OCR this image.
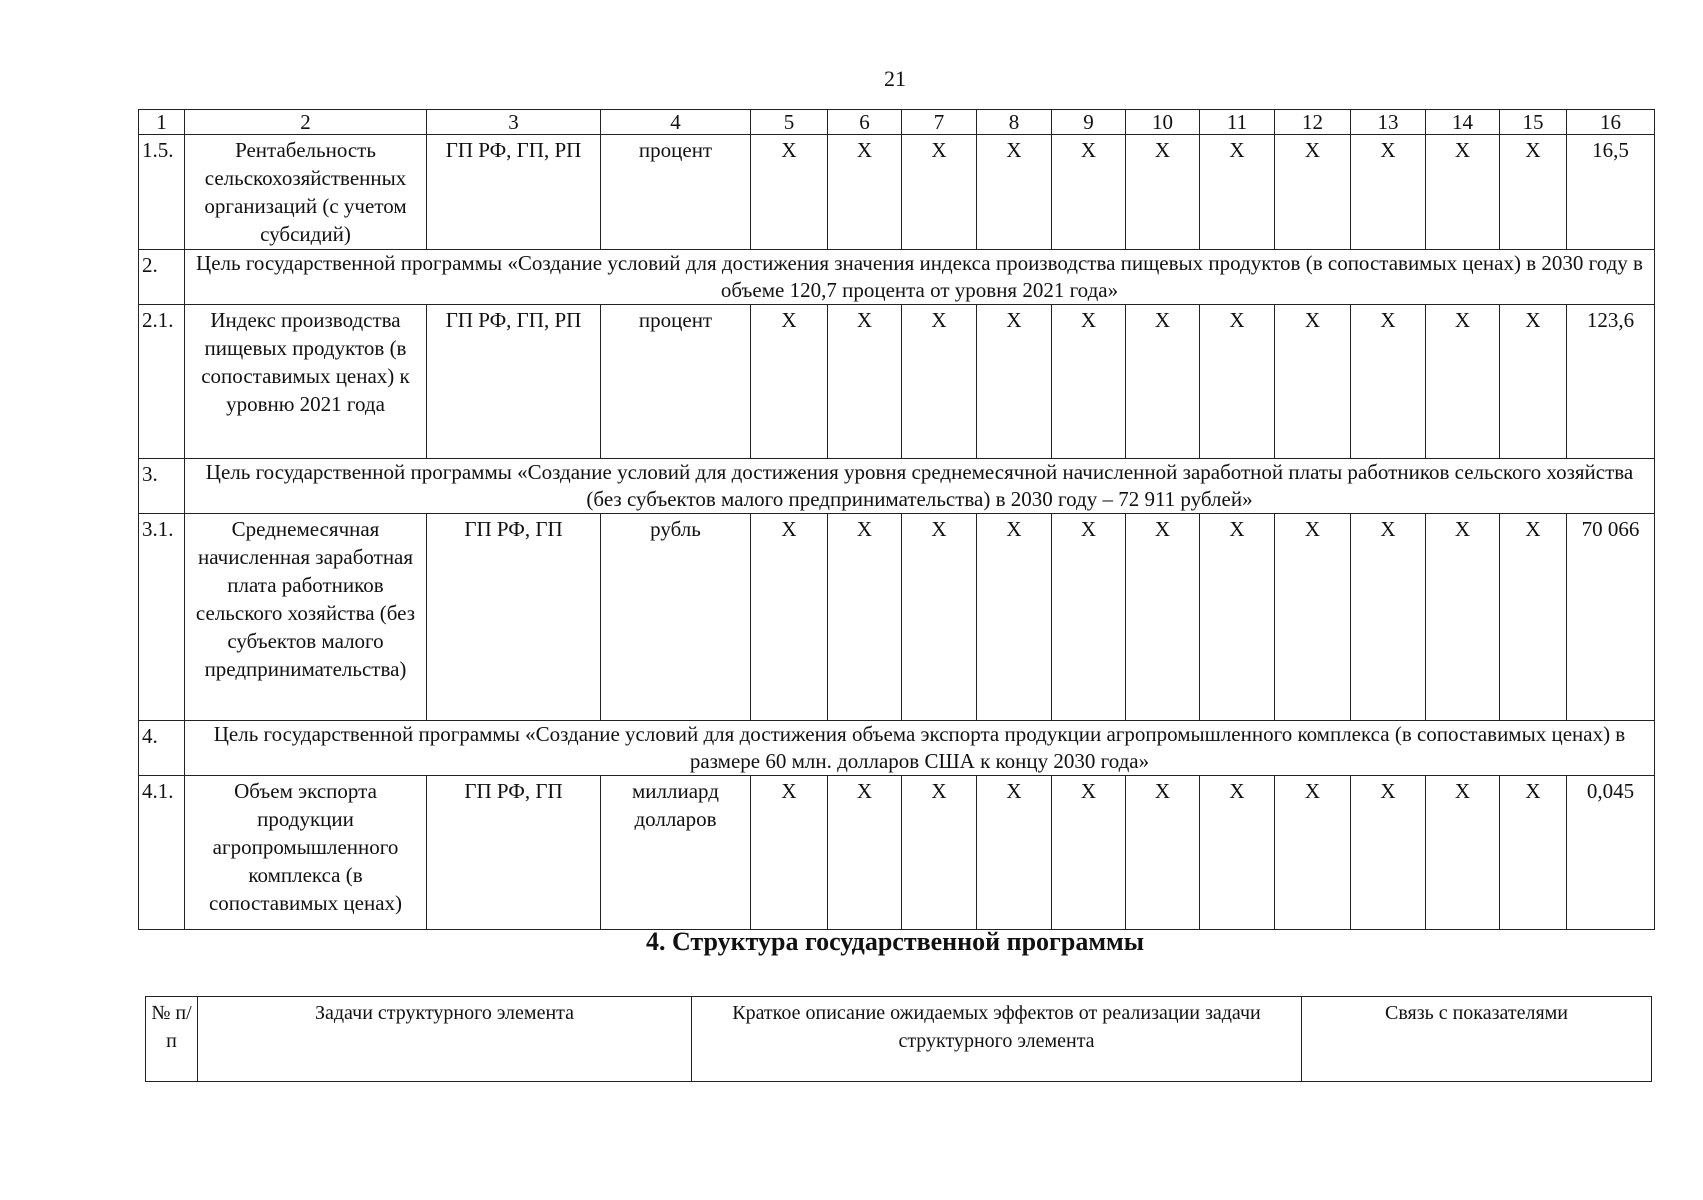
21
1	2	3	4	5	6	7	8	9	10	11	12	13	14	15	16
1.5.	Рентабельность сельскохозяйственных организаций (с учетом субсидий)	ГП РФ, ГП, РП	процент	Х	Х	Х	Х	Х	Х	Х	Х	Х	Х	Х	16,5
2.	Цель государственной программы «Создание условий для достижения значения индекса производства пищевых продуктов (в сопоставимых ценах) в 2030 году в объеме 120,7 процента от уровня 2021 года»														
2.1.	Индекс производства пищевых продуктов (в сопоставимых ценах) к уровню 2021 года	ГП РФ, ГП, РП	процент	Х	Х	Х	Х	Х	Х	Х	Х	Х	Х	Х	123,6
3.	Цель государственной программы «Создание условий для достижения уровня среднемесячной начисленной заработной платы работников сельского хозяйства (без субъектов малого предпринимательства) в 2030 году – 72 911 рублей»														
3.1.	Среднемесячная начисленная заработная плата работников сельского хозяйства (без субъектов малого предпринимательства)	ГП РФ, ГП	рубль	Х	Х	Х	Х	Х	Х	Х	Х	Х	Х	Х	70 066
4.	Цель государственной программы «Создание условий для достижения объема экспорта продукции агропромышленного комплекса (в сопоставимых ценах) в размере 60 млн. долларов США к концу 2030 года»														
4.1.	Объем экспорта продукции агропромышленного комплекса (в сопоставимых ценах)	ГП РФ, ГП	миллиард долларов	Х	Х	Х	Х	Х	Х	Х	Х	Х	Х	Х	0,045
4. Структура государственной программы
№ п/п	Задачи структурного элемента	Краткое описание ожидаемых эффектов от реализации задачи структурного элемента	Связь с показателями
